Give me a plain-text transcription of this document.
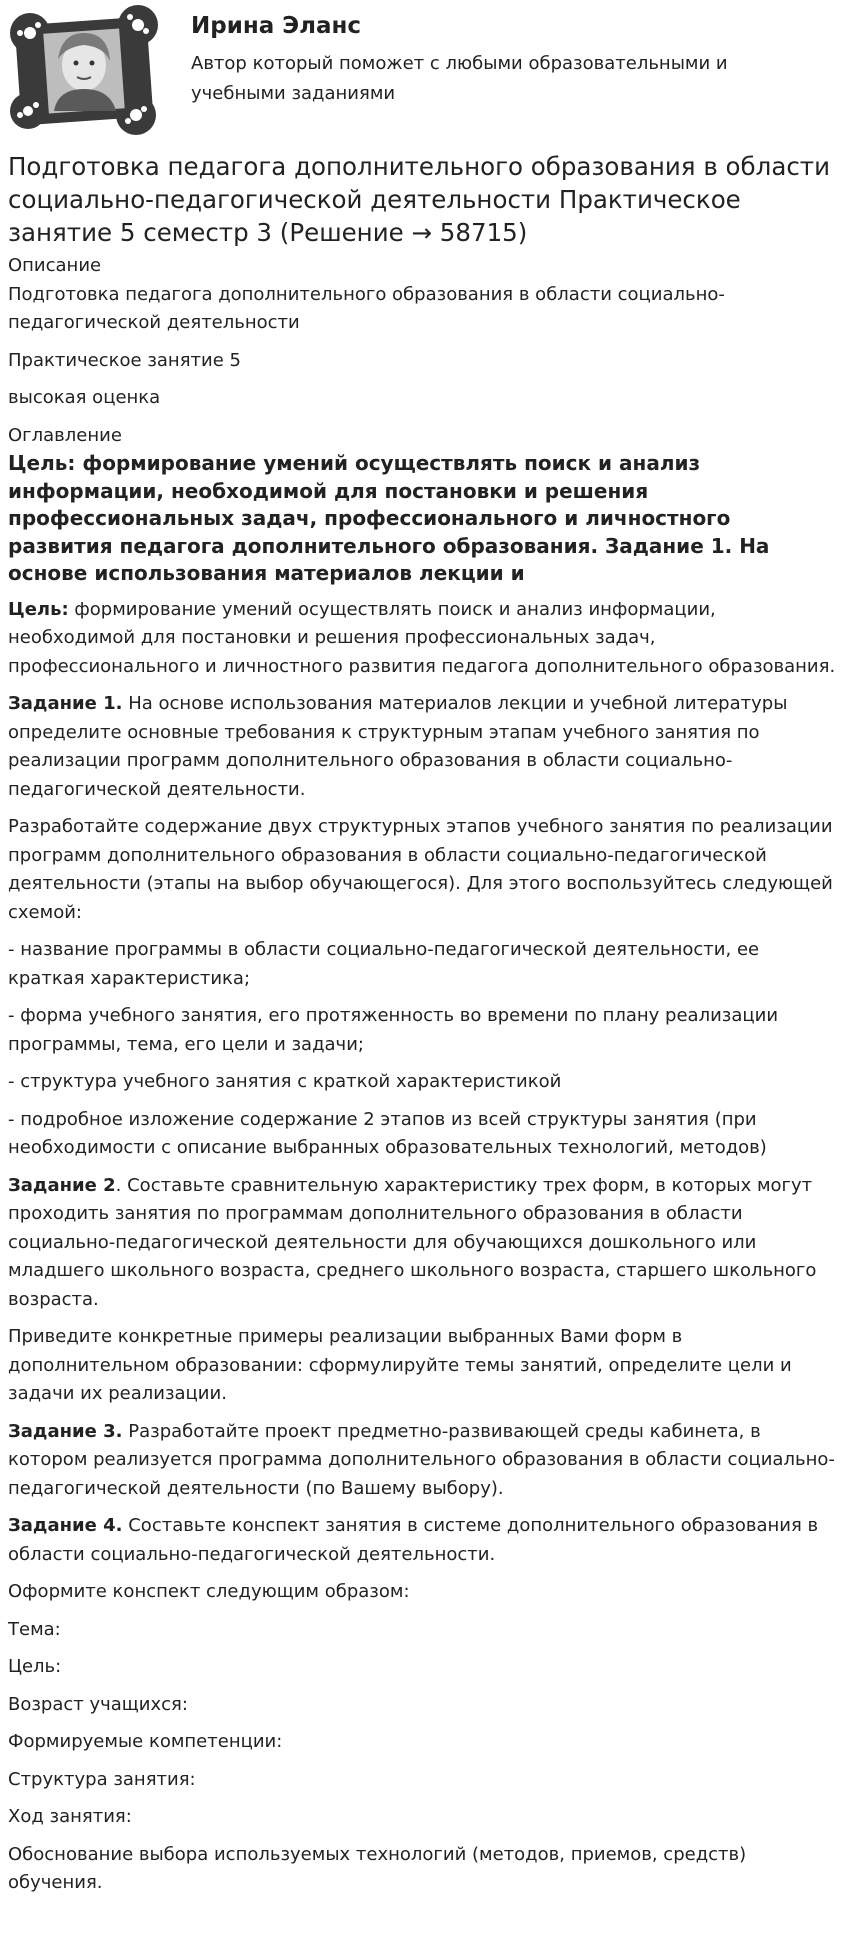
Ирина Эланс
Автор который поможет с любыми образовательными и учебными заданиями
Подготовка педагога дополнительного образования в области социально-педагогической деятельности Практическое занятие 5 семестр 3 (Решение → 58715)
Описание
Подготовка педагога дополнительного образования в области социально-педагогической деятельности
Практическое занятие 5
высокая оценка
Оглавление
Цель: формирование умений осуществлять поиск и анализ информации, необходимой для постановки и решения профессиональных задач, профессионального и личностного развития педагога дополнительного образования. Задание 1. На основе использования материалов лекции и
Цель: формирование умений осуществлять поиск и анализ информации, необходимой для постановки и решения профессиональных задач, профессионального и личностного развития педагога дополнительного образования.
Задание 1. На основе использования материалов лекции и учебной литературы определите основные требования к структурным этапам учебного занятия по реализации программ дополнительного образования в области социально-педагогической деятельности.
Разработайте содержание двух структурных этапов учебного занятия по реализации программ дополнительного образования в области социально-педагогической деятельности (этапы на выбор обучающегося). Для этого воспользуйтесь следующей схемой:
- название программы в области социально-педагогической деятельности, ее краткая характеристика;
- форма учебного занятия, его протяженность во времени по плану реализации программы, тема, его цели и задачи;
- структура учебного занятия с краткой характеристикой
- подробное изложение содержание 2 этапов из всей структуры занятия (при необходимости с описание выбранных образовательных технологий, методов)
Задание 2. Составьте сравнительную характеристику трех форм, в которых могут проходить занятия по программам дополнительного образования в области социально-педагогической деятельности для обучающихся дошкольного или младшего школьного возраста, среднего школьного возраста, старшего школьного возраста.
Приведите конкретные примеры реализации выбранных Вами форм в дополнительном образовании: сформулируйте темы занятий, определите цели и задачи их реализации.
Задание 3. Разработайте проект предметно-развивающей среды кабинета, в котором реализуется программа дополнительного образования в области социально-педагогической деятельности (по Вашему выбору).
Задание 4. Составьте конспект занятия в системе дополнительного образования в области социально-педагогической деятельности.
Оформите конспект следующим образом:
Тема:
Цель:
Возраст учащихся:
Формируемые компетенции:
Структура занятия:
Ход занятия:
Обоснование выбора используемых технологий (методов, приемов, средств) обучения.
